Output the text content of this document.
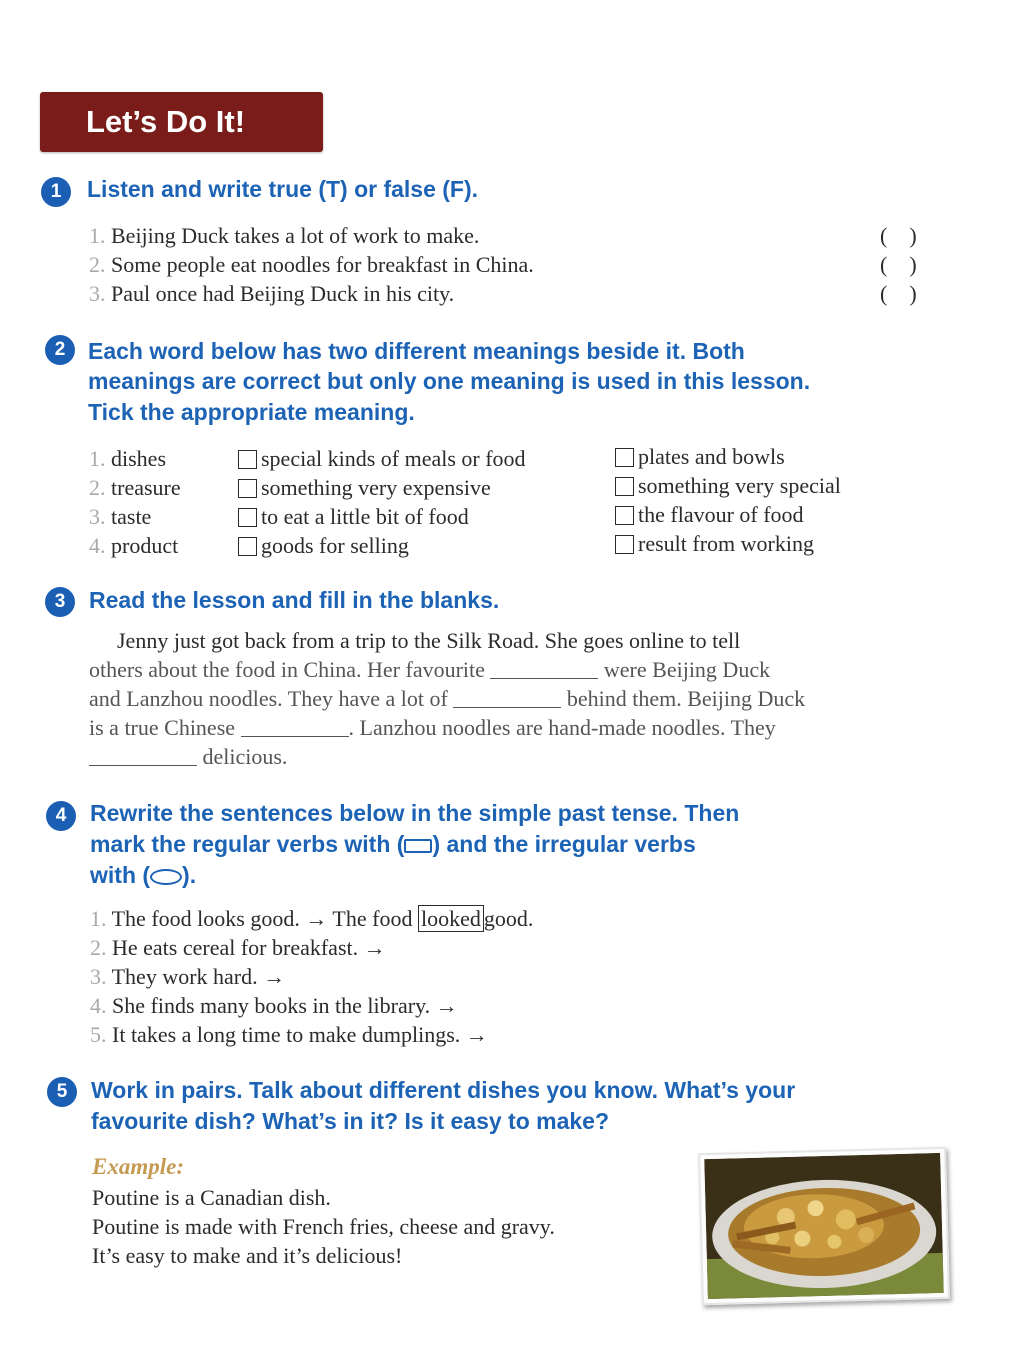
Let’s Do It!
1	Listen and write true (T) or false (F).
1. Beijing Duck takes a lot of work to make.	(    )
2. Some people eat noodles for breakfast in China.	(    )
3. Paul once had Beijing Duck in his city.	(    )
2 Each word below has two different meanings beside it. Both
meanings are correct but only one meaning is used in this lesson.
Tick the appropriate meaning.
1. dishes	special kinds of meals or food	plates and bowls
2. treasure	something very expensive	something very special
3. taste	to eat a little bit of food	the flavour of food
4. product	goods for selling	result from working
3	Read the lesson and fill in the blanks.
Jenny just got back from a trip to the Silk Road. She goes online to tell
others about the food in China. Her favourite	were Beijing Duck
and Lanzhou noodles. They have a lot of	behind them. Beijing Duck
is a true Chinese	. Lanzhou noodles are hand-made noodles. They
delicious.
4	Rewrite the sentences below in the simple past tense. Then
mark the regular verbs with ( ) and the irregular verbs
with ( ).
1. The food looks good. → The food looked good.
2. He eats cereal for breakfast. →
3. They work hard. →
4. She finds many books in the library. →
5. It takes a long time to make dumplings. →
5	Work in pairs. Talk about different dishes you know. What’s your
favourite dish? What’s in it? Is it easy to make?
Example:
Poutine is a Canadian dish.
Poutine is made with French fries, cheese and gravy.
It’s easy to make and it’s delicious!
